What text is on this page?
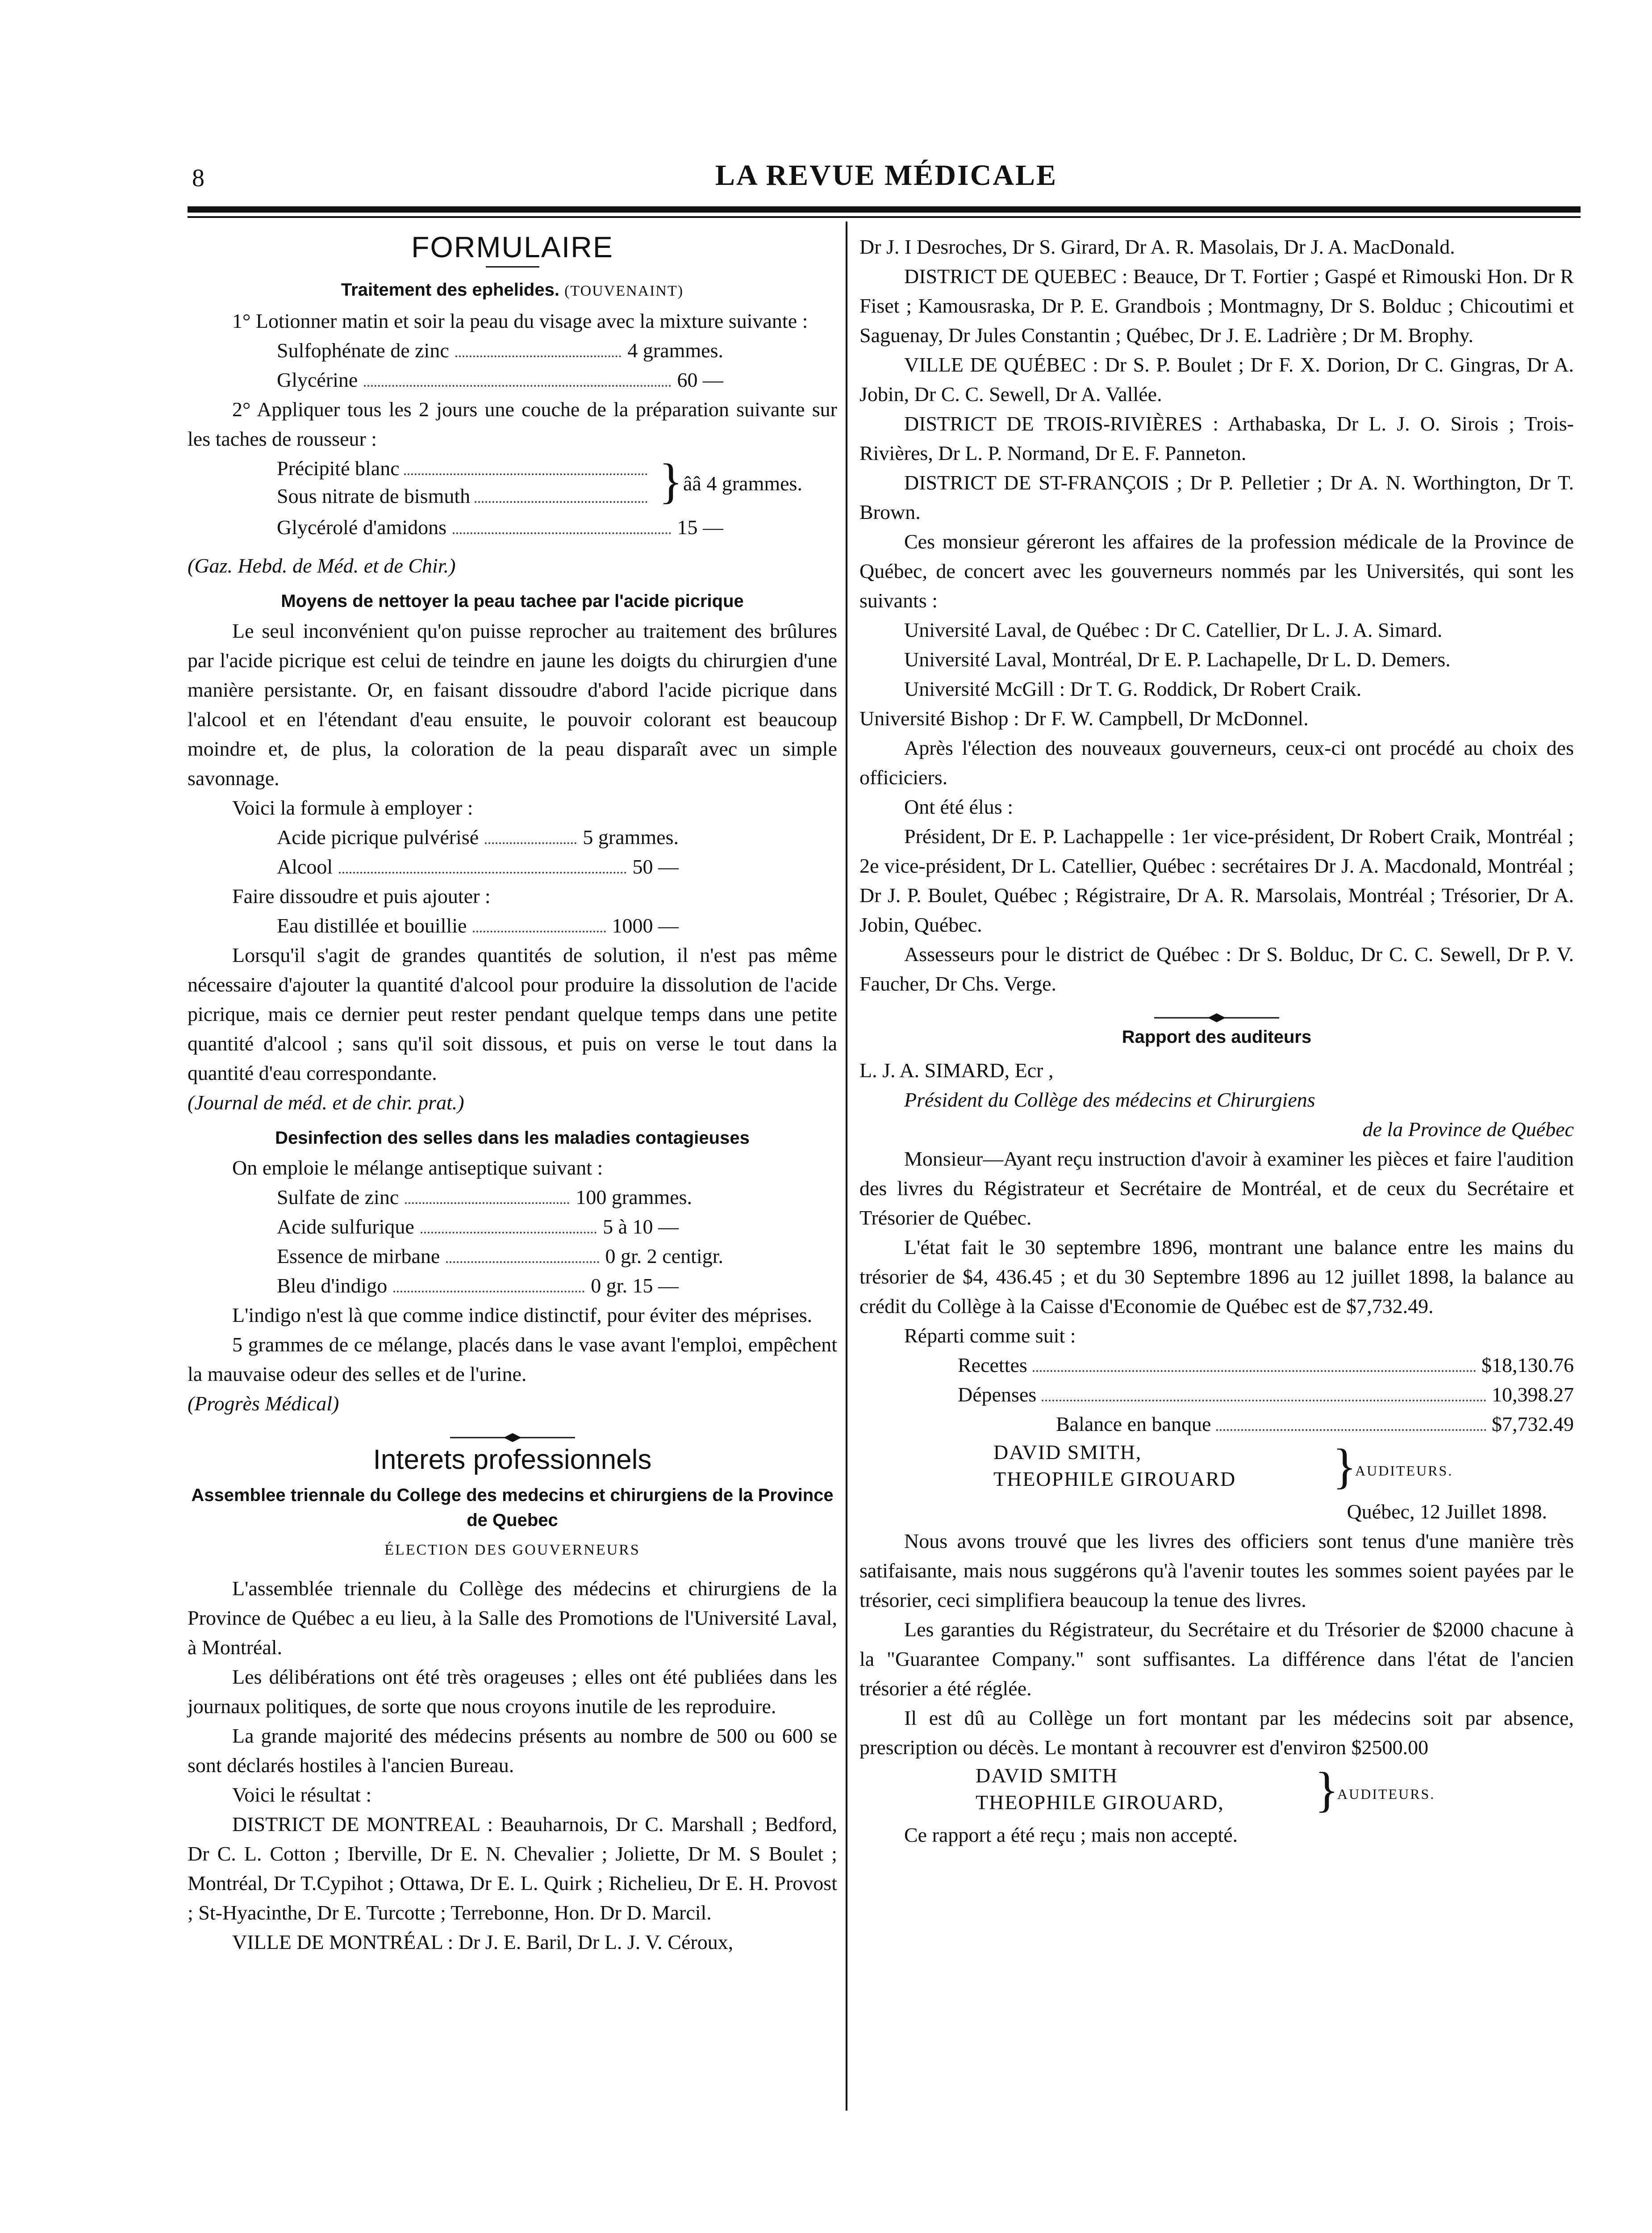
8	LA REVUE MÉDICALE
FORMULAIRE
Traitement des ephelides. (TOUVENAINT)

1° Lotionner matin et soir la peau du visage avec la mixture suivante :

Sulfophénate de zinc	4 grammes.
Glycérine	60 —

2° Appliquer tous les 2 jours une couche de la préparation suivante sur les taches de rousseur :

Précipité blanc
Sous nitrate de bismuth	} ââ 4 grammes.
Glycérolé d'amidons	15 —

(Gaz. Hebd. de Méd. et de Chir.)

Moyens de nettoyer la peau tachee par l'acide picrique

Le seul inconvénient qu'on puisse reprocher au traitement des brûlures par l'acide picrique est celui de teindre en jaune les doigts du chirurgien d'une manière persistante. Or, en faisant dissoudre d'abord l'acide picrique dans l'alcool et en l'étendant d'eau ensuite, le pouvoir colorant est beaucoup moindre et, de plus, la coloration de la peau disparaît avec un simple savonnage.

Voici la formule à employer :

Acide picrique pulvérisé	5 grammes.
Alcool	50 —

Faire dissoudre et puis ajouter :

Eau distillée et bouillie	1000 —

Lorsqu'il s'agit de grandes quantités de solution, il n'est pas même nécessaire d'ajouter la quantité d'alcool pour produire la dissolution de l'acide picrique, mais ce dernier peut rester pendant quelque temps dans une petite quantité d'alcool ; sans qu'il soit dissous, et puis on verse le tout dans la quantité d'eau correspondante.

(Journal de méd. et de chir. prat.)

Desinfection des selles dans les maladies contagieuses

On emploie le mélange antiseptique suivant :

Sulfate de zinc	100 grammes.
Acide sulfurique	5 à 10 —
Essence de mirbane	0 gr. 2 centigr.
Bleu d'indigo	0 gr. 15 —

L'indigo n'est là que comme indice distinctif, pour éviter des méprises.

5 grammes de ce mélange, placés dans le vase avant l'emploi, empêchent la mauvaise odeur des selles et de l'urine.

(Progrès Médical)

Interets professionnels
Assemblee triennale du College des medecins et chirurgiens de la Province de Quebec
ÉLECTION DES GOUVERNEURS

L'assemblée triennale du Collège des médecins et chirurgiens de la Province de Québec a eu lieu, à la Salle des Promotions de l'Université Laval, à Montréal.

Les délibérations ont été très orageuses ; elles ont été publiées dans les journaux politiques, de sorte que nous croyons inutile de les reproduire.

La grande majorité des médecins présents au nombre de 500 ou 600 se sont déclarés hostiles à l'ancien Bureau.

Voici le résultat :

DISTRICT DE MONTREAL : Beauharnois, Dr C. Marshall ; Bedford, Dr C. L. Cotton ; Iberville, Dr E. N. Chevalier ; Joliette, Dr M. S Boulet ; Montréal, Dr T.Cypihot ; Ottawa, Dr E. L. Quirk ; Richelieu, Dr E. H. Provost ; St-Hyacinthe, Dr E. Turcotte ; Terrebonne, Hon. Dr D. Marcil.

VILLE DE MONTRÉAL : Dr J. E. Baril, Dr L. J. V. Céroux,

Dr J. I Desroches, Dr S. Girard, Dr A. R. Masolais, Dr J. A. MacDonald.

DISTRICT DE QUEBEC : Beauce, Dr T. Fortier ; Gaspé et Rimouski Hon. Dr R Fiset ; Kamousraska, Dr P. E. Grandbois ; Montmagny, Dr S. Bolduc ; Chicoutimi et Saguenay, Dr Jules Constantin ; Québec, Dr J. E. Ladrière ; Dr M. Brophy.

VILLE DE QUÉBEC : Dr S. P. Boulet ; Dr F. X. Dorion, Dr C. Gingras, Dr A. Jobin, Dr C. C. Sewell, Dr A. Vallée.

DISTRICT DE TROIS-RIVIÈRES : Arthabaska, Dr L. J. O. Sirois ; Trois-Rivières, Dr L. P. Normand, Dr E. F. Panneton.

DISTRICT DE ST-FRANÇOIS ; Dr P. Pelletier ; Dr A. N. Worthington, Dr T. Brown.

Ces monsieur géreront les affaires de la profession médicale de la Province de Québec, de concert avec les gouverneurs nommés par les Universités, qui sont les suivants :

Université Laval, de Québec : Dr C. Catellier, Dr L. J. A. Simard.

Université Laval, Montréal, Dr E. P. Lachapelle, Dr L. D. Demers.

Université McGill : Dr T. G. Roddick, Dr Robert Craik.

Université Bishop : Dr F. W. Campbell, Dr McDonnel.

Après l'élection des nouveaux gouverneurs, ceux-ci ont procédé au choix des officiciers.

Ont été élus :

Président, Dr E. P. Lachappelle : 1er vice-président, Dr Robert Craik, Montréal ; 2e vice-président, Dr L. Catellier, Québec : secrétaires Dr J. A. Macdonald, Montréal ; Dr J. P. Boulet, Québec ; Régistraire, Dr A. R. Marsolais, Montréal ; Trésorier, Dr A. Jobin, Québec.

Assesseurs pour le district de Québec : Dr S. Bolduc, Dr C. C. Sewell, Dr P. V. Faucher, Dr Chs. Verge.

Rapport des auditeurs

L. J. A. SIMARD, Ecr ,

Président du Collège des médecins et Chirurgiens

de la Province de Québec

Monsieur—Ayant reçu instruction d'avoir à examiner les pièces et faire l'audition des livres du Régistrateur et Secrétaire de Montréal, et de ceux du Secrétaire et Trésorier de Québec.

L'état fait le 30 septembre 1896, montrant une balance entre les mains du trésorier de $4, 436.45 ; et du 30 Septembre 1896 au 12 juillet 1898, la balance au crédit du Collège à la Caisse d'Economie de Québec est de $7,732.49.

Réparti comme suit :

Recettes	$18,130.76
Dépenses	10,398.27
Balance en banque	$7,732.49
DAVID SMITH,
THEOPHILE GIROUARD }
AUDITEURS.

Québec, 12 Juillet 1898.

Nous avons trouvé que les livres des officiers sont tenus d'une manière très satifaisante, mais nous suggérons qu'à l'avenir toutes les sommes soient payées par le trésorier, ceci simplifiera beaucoup la tenue des livres.

Les garanties du Régistrateur, du Secrétaire et du Trésorier de $2000 chacune à la "Guarantee Company." sont suffisantes. La différence dans l'état de l'ancien trésorier a été réglée.

Il est dû au Collège un fort montant par les médecins soit par absence, prescription ou décès. Le montant à recouvrer est d'environ $2500.00

DAVID SMITH
THEOPHILE GIROUARD, }
AUDITEURS.

Ce rapport a été reçu ; mais non accepté.
